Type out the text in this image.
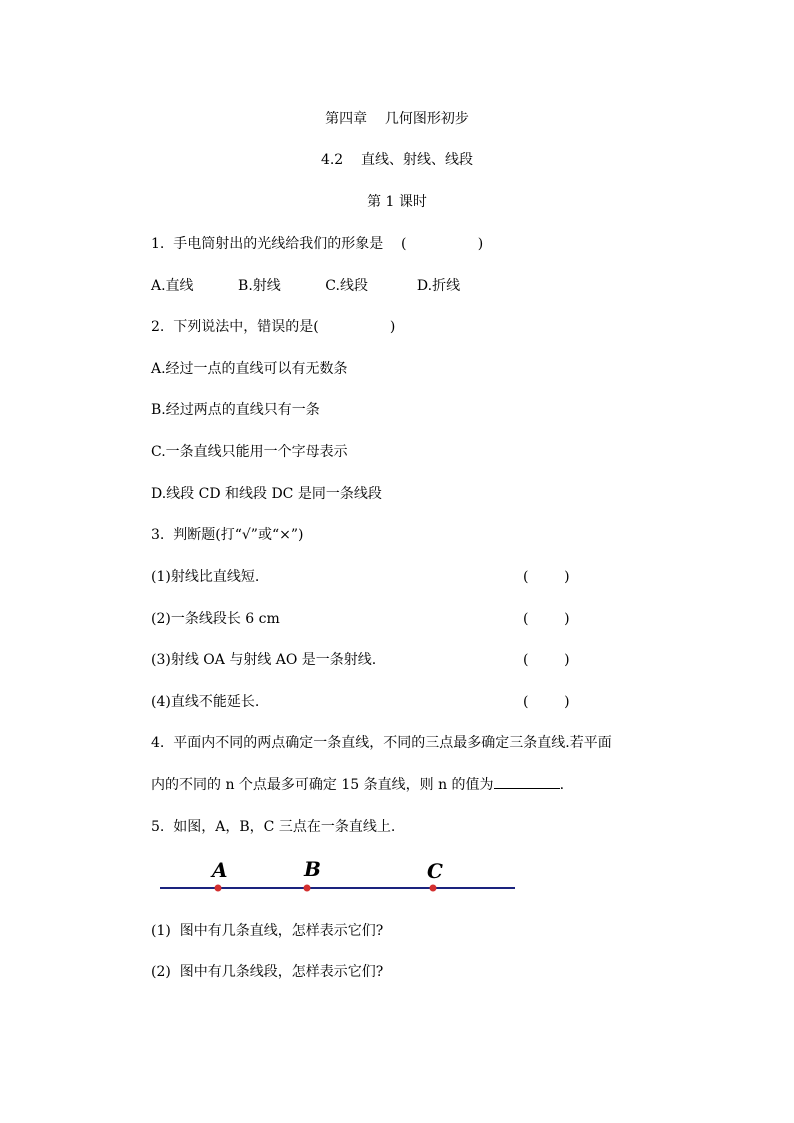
第四章    几何图形初步
4.2    直线、射线、线段
第 1 课时
1.  手电筒射出的光线给我们的形象是    (                )
A.直线          B.射线          C.线段           D.折线
2.  下列说法中，错误的是(                )
A.经过一点的直线可以有无数条
B.经过两点的直线只有一条
C.一条直线只能用一个字母表示
D.线段 CD 和线段 DC 是同一条线段
3.  判断题(打“√”或“×”)
(1)射线比直线短.	(        )
(2)一条线段长 6 cm	(        )
(3)射线 OA 与射线 AO 是一条射线.	(        )
(4)直线不能延长.	(        )
4.  平面内不同的两点确定一条直线，不同的三点最多确定三条直线.若平面
内的不同的 n 个点最多可确定 15 条直线，则 n 的值为	.
5.  如图，A，B，C 三点在一条直线上.
A	B	C
(1)  图中有几条直线，怎样表示它们?
(2)  图中有几条线段，怎样表示它们?
